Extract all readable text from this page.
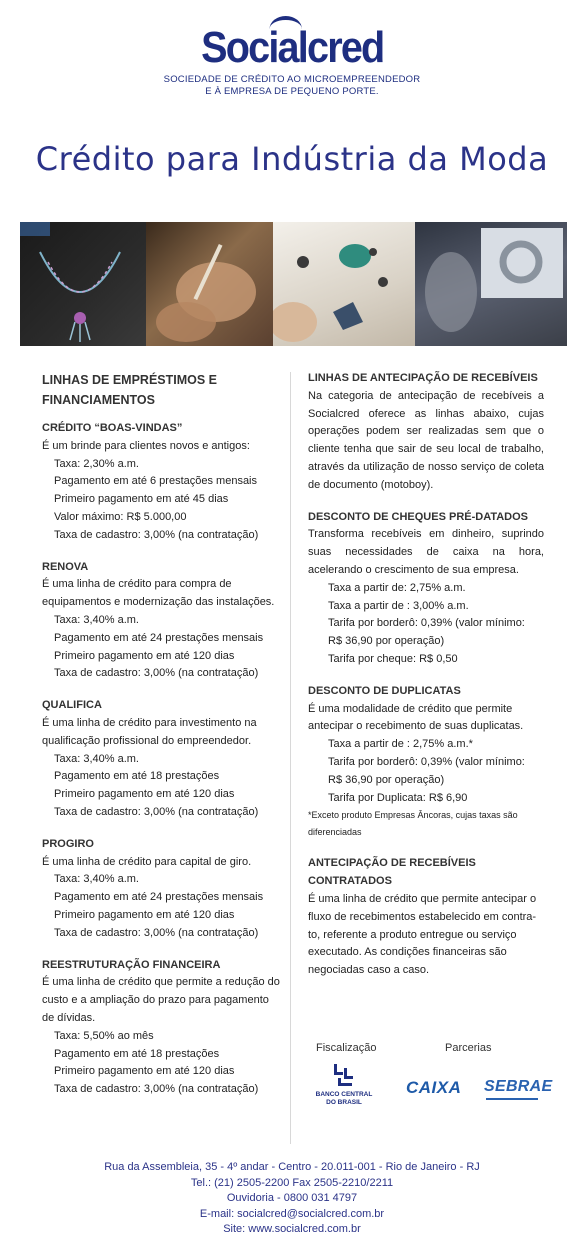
Socialcred
SOCIEDADE DE CRÉDITO AO MICROEMPREENDEDOR
E À EMPRESA DE PEQUENO PORTE.
Crédito para Indústria da Moda

LINHAS DE EMPRÉSTIMOS E FINANCIAMENTOS

CRÉDITO “BOAS-VINDAS”

É um brinde para clientes novos e antigos:

Taxa: 2,30% a.m.

Pagamento em até 6 prestações mensais

Primeiro pagamento em até 45 dias

Valor máximo: R$ 5.000,00

Taxa de cadastro: 3,00% (na contratação)

RENOVA

É uma linha de crédito para compra de equipamentos e modernização das instalações.

Taxa: 3,40% a.m.

Pagamento em até 24 prestações mensais

Primeiro pagamento em até 120 dias

Taxa de cadastro: 3,00% (na contratação)

QUALIFICA

É uma linha de crédito para investimento na qualificação profissional do empreendedor.

Taxa: 3,40% a.m.

Pagamento em até 18 prestações

Primeiro pagamento em até 120 dias

Taxa de cadastro: 3,00% (na contratação)

PROGIRO

É uma linha de crédito para capital de giro.

Taxa: 3,40% a.m.

Pagamento em até 24 prestações mensais

Primeiro pagamento em até 120 dias

Taxa de cadastro: 3,00% (na contratação)

REESTRUTURAÇÃO FINANCEIRA

É uma linha de crédito que permite a redução do custo e a ampliação do prazo para pagamento de dívidas.

Taxa: 5,50% ao mês

Pagamento em até 18 prestações

Primeiro pagamento em até 120 dias

Taxa de cadastro: 3,00% (na contratação)

LINHAS DE ANTECIPAÇÃO DE RECEBÍVEIS

Na categoria de antecipação de recebíveis a Socialcred oferece as linhas abaixo, cujas operações podem ser realizadas sem que o cliente tenha que sair de seu local de trabalho, através da utilização de nosso serviço de coleta de documento (motoboy).

DESCONTO DE CHEQUES PRÉ-DATADOS

Transforma recebíveis em dinheiro, suprindo suas necessidades de caixa na hora, acelerando o crescimento de sua empresa.

Taxa a partir de: 2,75% a.m.

Taxa a partir de : 3,00% a.m.

Tarifa por borderô: 0,39% (valor mínimo:

R$ 36,90 por operação)

Tarifa por cheque: R$ 0,50

DESCONTO DE DUPLICATAS

É uma modalidade de crédito que permite antecipar o recebimento de suas duplicatas.

Taxa a partir de : 2,75% a.m.*

Tarifa por borderô: 0,39% (valor mínimo:

R$ 36,90 por operação)

Tarifa por Duplicata: R$ 6,90

*Exceto produto Empresas Âncoras, cujas taxas são diferenciadas

ANTECIPAÇÃO DE RECEBÍVEIS

CONTRATADOS

É uma linha de crédito que permite antecipar o fluxo de recebimentos estabelecido em contra-to, referente a produto entregue ou serviço executado. As condições financeiras são negociadas caso a caso.

Fiscalização	Parcerias
BANCO CENTRAL
DO BRASIL
CAIXA SEBRAE
Rua da Assembleia, 35 - 4º andar - Centro - 20.011-001 - Rio de Janeiro - RJ
Tel.: (21) 2505-2200 Fax 2505-2210/2211
Ouvidoria - 0800 031 4797
E-mail: socialcred@socialcred.com.br
Site: www.socialcred.com.br
